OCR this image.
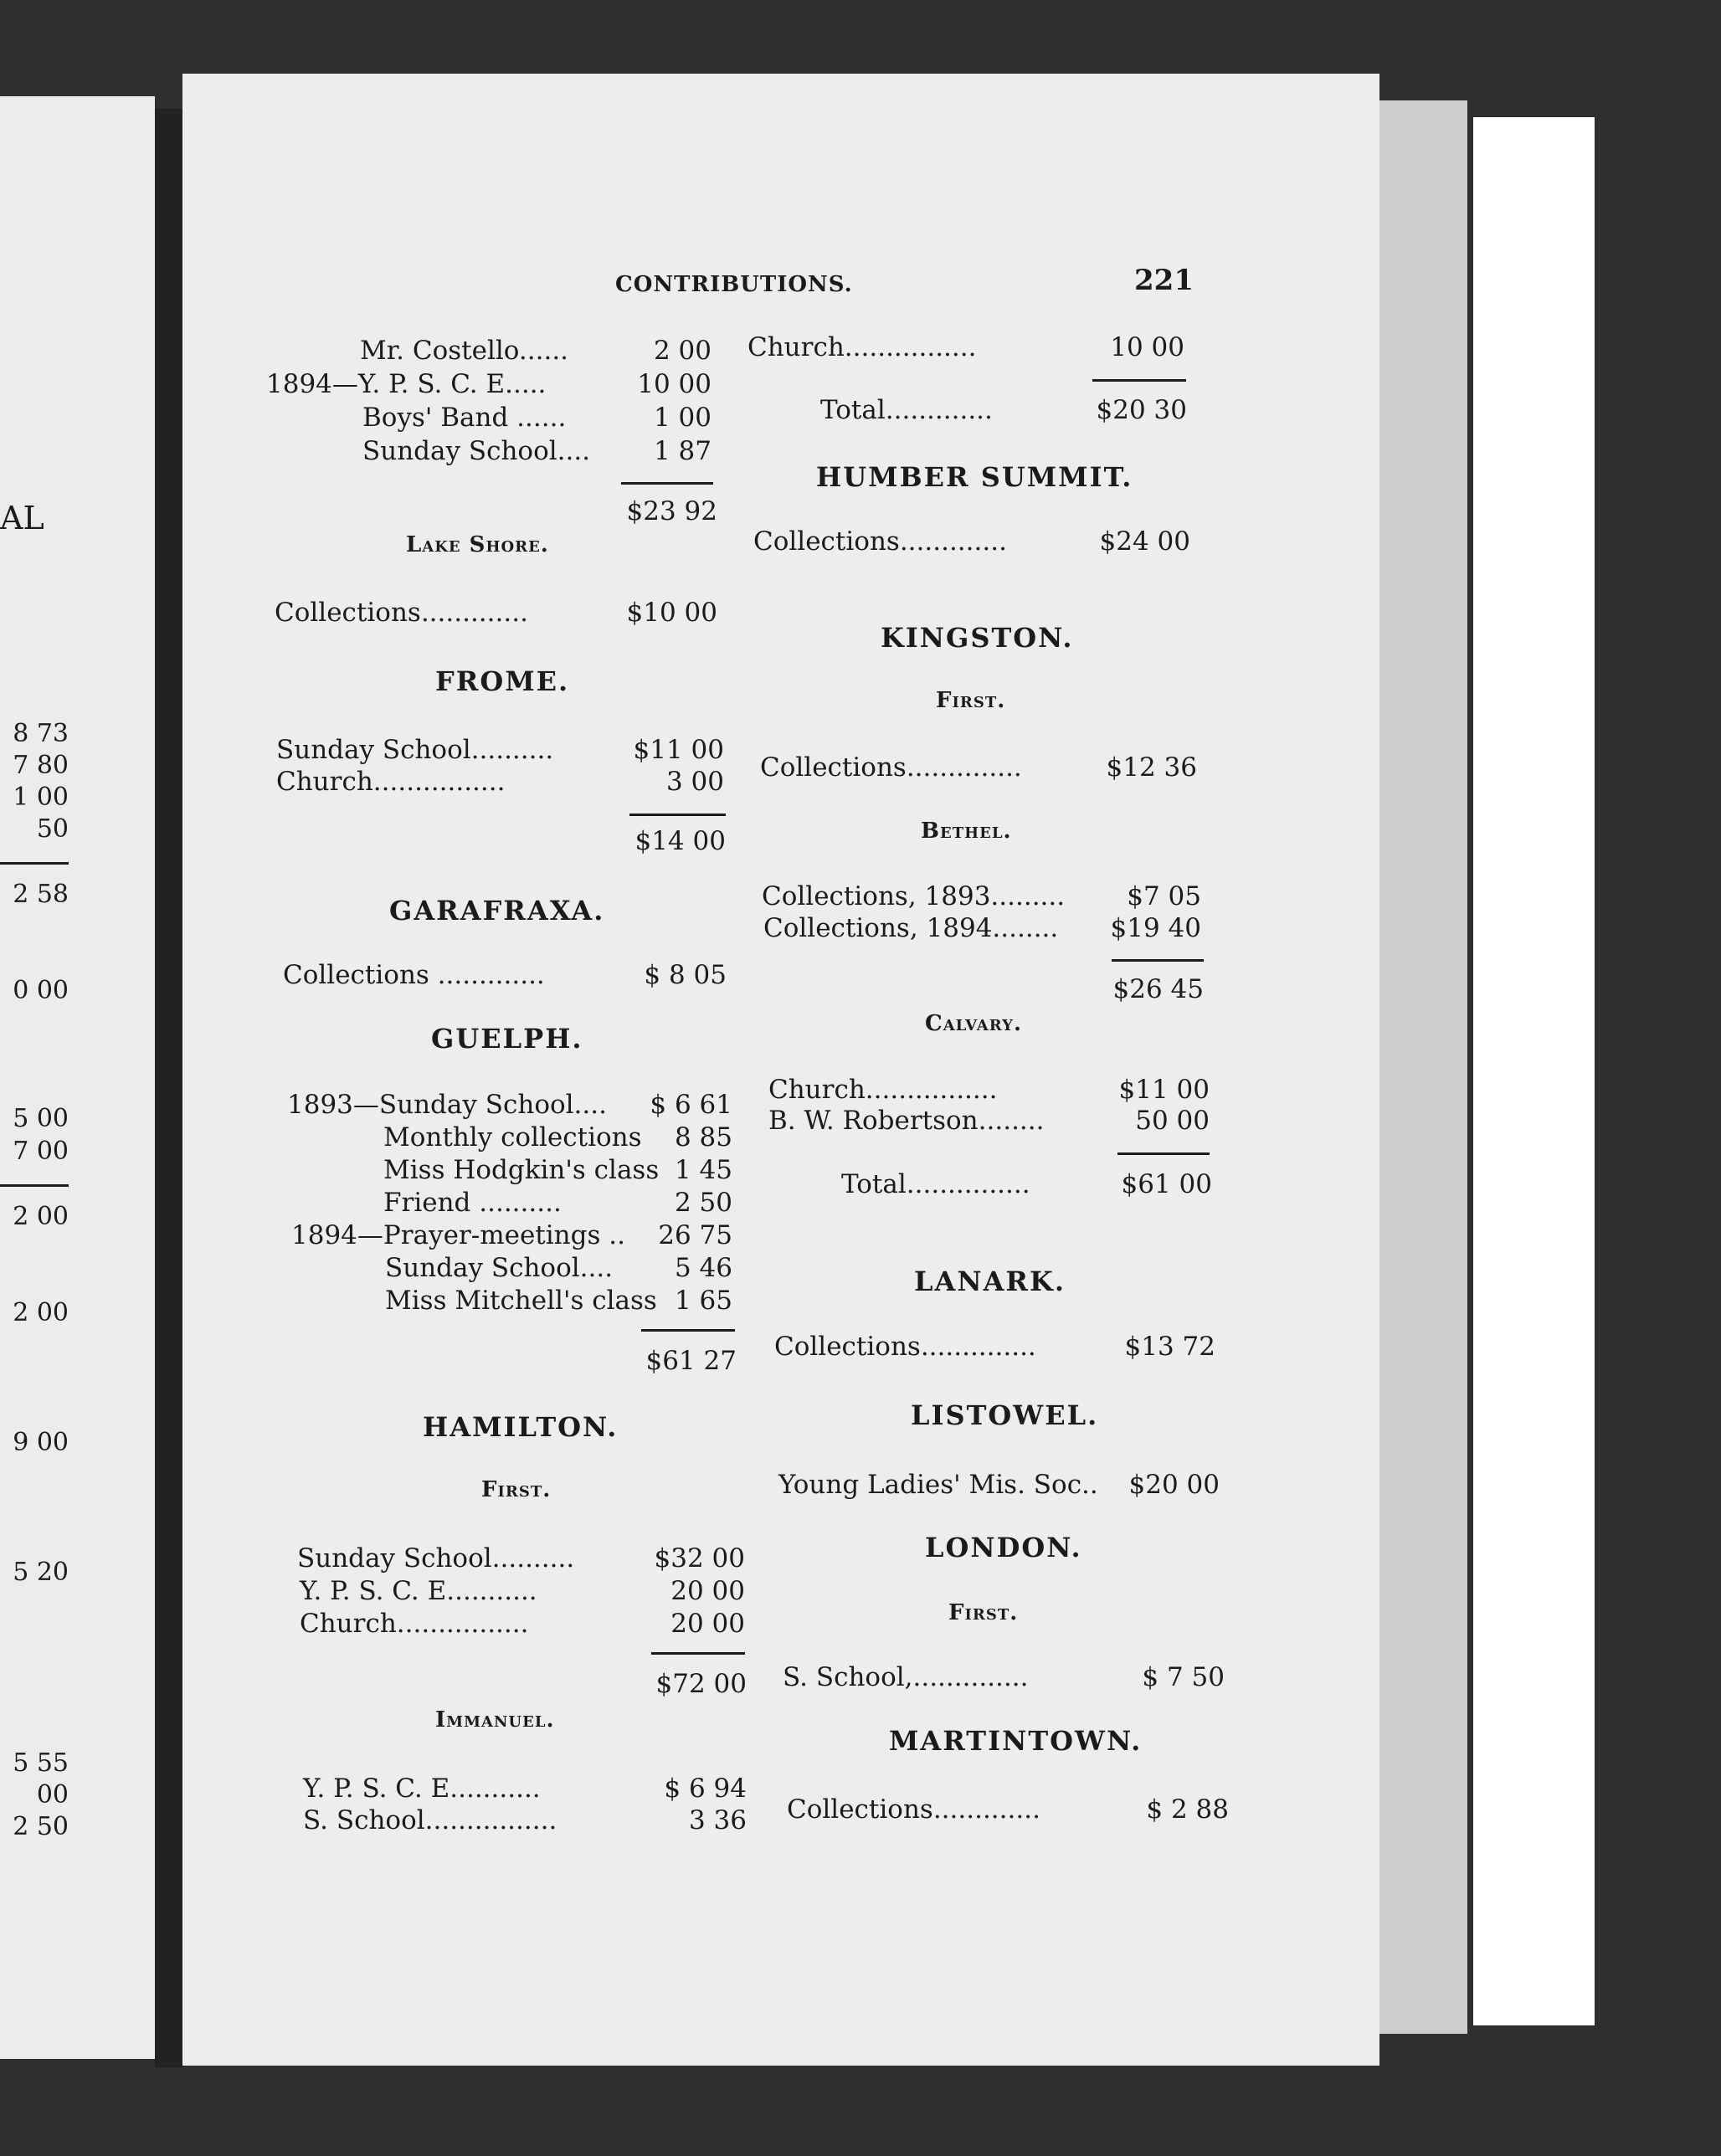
AL
8 73
7 80
1 00
50
2 58
0 00
5 00
7 00
2 00
2 00
9 00
5 20
5 55
00
2 50
CONTRIBUTIONS.	221
Mr. Costello......	2 00
1894—Y. P. S. C. E.....	10 00
Boys' Band ......	1 00
Sunday School....	1 87
$23 92
Lake Shore.
Collections.............	$10 00
FROME.
Sunday School..........	$11 00
Church................	3 00
$14 00
GARAFRAXA.
Collections .............	$ 8 05
GUELPH.
1893—Sunday School....	$ 6 61
Monthly collections	8 85
Miss Hodgkin's class 1 45
Friend ..........	2 50
1894—Prayer-meetings ..	26 75
Sunday School....	5 46
Miss Mitchell's class 1 65
$61 27
HAMILTON.
First.
Sunday School..........	$32 00
Y. P. S. C. E...........	20 00
Church................	20 00
$72 00
Immanuel.
Y. P. S. C. E...........	$ 6 94
S. School................	3 36
Church................	10 00
Total.............	$20 30
HUMBER SUMMIT.
Collections.............	$24 00
KINGSTON.
First.
Collections..............	$12 36
Bethel.
Collections, 1893.........	$7 05
Collections, 1894........	$19 40
$26 45
Calvary.
Church................	$11 00
B. W. Robertson........	50 00
Total...............	$61 00
LANARK.
Collections..............	$13 72
LISTOWEL.
Young Ladies' Mis. Soc..	$20 00
LONDON.
First.
S. School,..............	$ 7 50
MARTINTOWN.
Collections.............	$ 2 88
